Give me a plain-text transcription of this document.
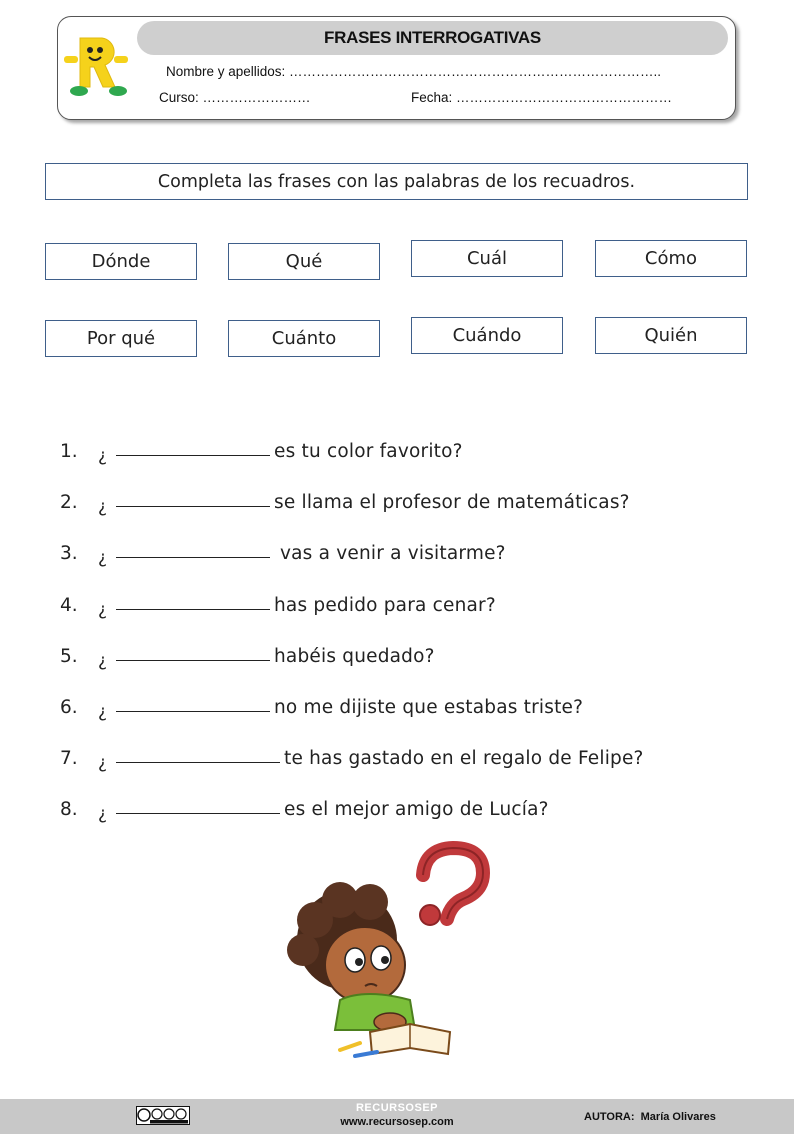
FRASES INTERROGATIVAS
Nombre y apellidos: ………………………………………………………………………..
Curso: ……………………	Fecha: …………………………………………
Completa las frases con las palabras de los recuadros.
Dónde	Qué	Cuál	Cómo
Por qué	Cuánto	Cuándo	Quién
1.	¿	es tu color favorito?
2.	¿	se llama el profesor de matemáticas?
3.	¿	vas a venir a visitarme?
4.	¿	has pedido para cenar?
5.	¿	habéis quedado?
6.	¿	no me dijiste que estabas triste?
7.	¿	te has gastado en el regalo de Felipe?
8.	¿	es el mejor amigo de Lucía?
RECURSOSEP
www.recursosep.com	AUTORA: María Olivares
